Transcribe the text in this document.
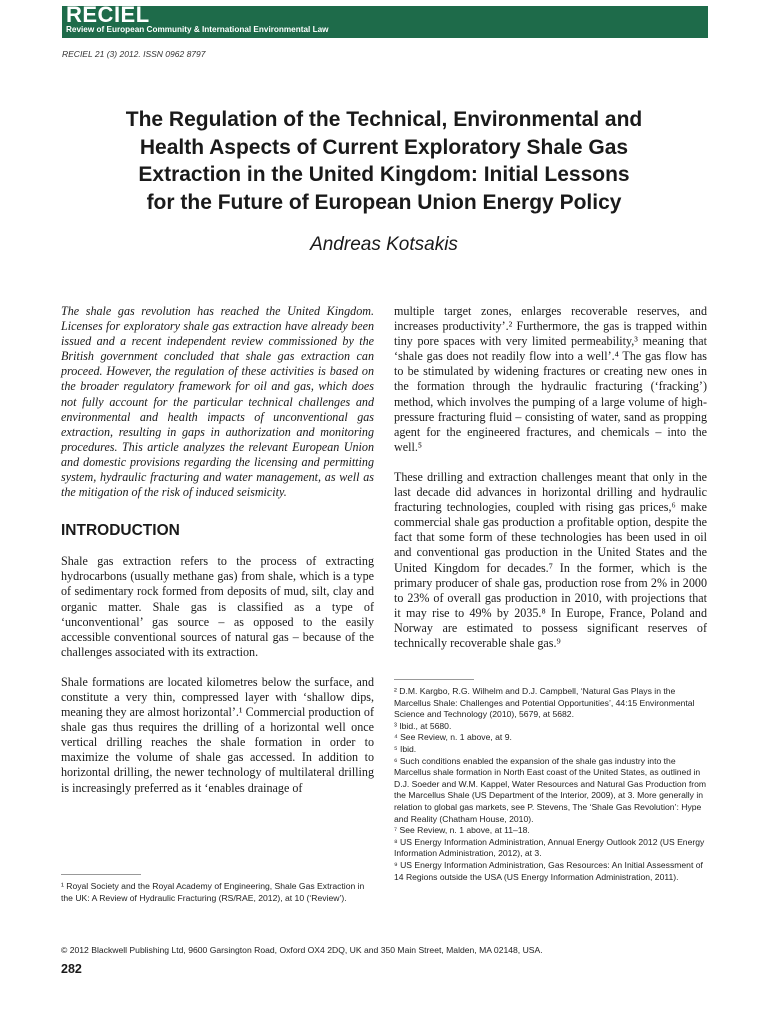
RECIEL
Review of European Community & International Environmental Law
RECIEL 21 (3) 2012. ISSN 0962 8797
The Regulation of the Technical, Environmental and
Health Aspects of Current Exploratory Shale Gas
Extraction in the United Kingdom: Initial Lessons
for the Future of European Union Energy Policy
Andreas Kotsakis

The shale gas revolution has reached the United Kingdom. Licenses for exploratory shale gas extraction have already been issued and a recent independent review commissioned by the British government concluded that shale gas extraction can proceed. However, the regulation of these activities is based on the broader regulatory framework for oil and gas, which does not fully account for the particular technical challenges and environmental and health impacts of unconventional gas extraction, resulting in gaps in authorization and monitoring procedures. This article analyzes the relevant European Union and domestic provisions regarding the licensing and permitting system, hydraulic fracturing and water management, as well as the mitigation of the risk of induced seismicity.

INTRODUCTION

Shale gas extraction refers to the process of extracting hydrocarbons (usually methane gas) from shale, which is a type of sedimentary rock formed from deposits of mud, silt, clay and organic matter. Shale gas is classified as a type of ‘unconventional’ gas source – as opposed to the easily accessible conventional sources of natural gas – because of the challenges associated with its extraction.

Shale formations are located kilometres below the surface, and constitute a very thin, compressed layer with ‘shallow dips, meaning they are almost horizontal’.¹ Commercial production of shale gas thus requires the drilling of a horizontal well once vertical drilling reaches the shale formation in order to maximize the volume of shale gas accessed. In addition to horizontal drilling, the newer technology of multilateral drilling is increasingly preferred as it ‘enables drainage of

multiple target zones, enlarges recoverable reserves, and increases productivity’.² Furthermore, the gas is trapped within tiny pore spaces with very limited permeability,³ meaning that ‘shale gas does not readily flow into a well’.⁴ The gas flow has to be stimulated by widening fractures or creating new ones in the formation through the hydraulic fracturing (‘fracking’) method, which involves the pumping of a large volume of high-pressure fracturing fluid – consisting of water, sand as propping agent for the engineered fractures, and chemicals – into the well.⁵

These drilling and extraction challenges meant that only in the last decade did advances in horizontal drilling and hydraulic fracturing technologies, coupled with rising gas prices,⁶ make commercial shale gas production a profitable option, despite the fact that some form of these technologies has been used in oil and conventional gas production in the United States and the United Kingdom for decades.⁷ In the former, which is the primary producer of shale gas, production rose from 2% in 2000 to 23% of overall gas production in 2010, with projections that it may rise to 49% by 2035.⁸ In Europe, France, Poland and Norway are estimated to possess significant reserves of technically recoverable shale gas.⁹

¹ Royal Society and the Royal Academy of Engineering, Shale Gas Extraction in the UK: A Review of Hydraulic Fracturing (RS/RAE, 2012), at 10 (‘Review’).

² D.M. Kargbo, R.G. Wilhelm and D.J. Campbell, ‘Natural Gas Plays in the Marcellus Shale: Challenges and Potential Opportunities’, 44:15 Environmental Science and Technology (2010), 5679, at 5682.

³ Ibid., at 5680.

⁴ See Review, n. 1 above, at 9.

⁵ Ibid.

⁶ Such conditions enabled the expansion of the shale gas industry into the Marcellus shale formation in North East coast of the United States, as outlined in D.J. Soeder and W.M. Kappel, Water Resources and Natural Gas Production from the Marcellus Shale (US Department of the Interior, 2009), at 3. More generally in relation to global gas markets, see P. Stevens, The ‘Shale Gas Revolution’: Hype and Reality (Chatham House, 2010).

⁷ See Review, n. 1 above, at 11–18.

⁸ US Energy Information Administration, Annual Energy Outlook 2012 (US Energy Information Administration, 2012), at 3.

⁹ US Energy Information Administration, Gas Resources: An Initial Assessment of 14 Regions outside the USA (US Energy Information Administration, 2011).

© 2012 Blackwell Publishing Ltd, 9600 Garsington Road, Oxford OX4 2DQ, UK and 350 Main Street, Malden, MA 02148, USA.
282
